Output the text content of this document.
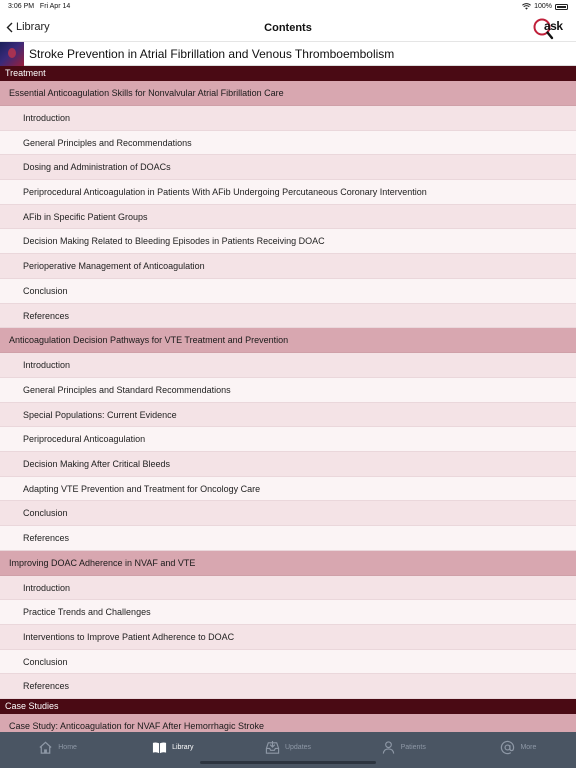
3:06 PM Fri Apr 14	100%
Library	Contents	ask
Stroke Prevention in Atrial Fibrillation and Venous Thromboembolism
Treatment
Essential Anticoagulation Skills for Nonvalvular Atrial Fibrillation Care
Introduction
General Principles and Recommendations
Dosing and Administration of DOACs
Periprocedural Anticoagulation in Patients With AFib Undergoing Percutaneous Coronary Intervention
AFib in Specific Patient Groups
Decision Making Related to Bleeding Episodes in Patients Receiving DOAC
Perioperative Management of Anticoagulation
Conclusion
References
Anticoagulation Decision Pathways for VTE Treatment and Prevention
Introduction
General Principles and Standard Recommendations
Special Populations: Current Evidence
Periprocedural Anticoagulation
Decision Making After Critical Bleeds
Adapting VTE Prevention and Treatment for Oncology Care
Conclusion
References
Improving DOAC Adherence in NVAF and VTE
Introduction
Practice Trends and Challenges
Interventions to Improve Patient Adherence to DOAC
Conclusion
References
Case Studies
Case Study: Anticoagulation for NVAF After Hemorrhagic Stroke
Home	Library	Updates	Patients	More
